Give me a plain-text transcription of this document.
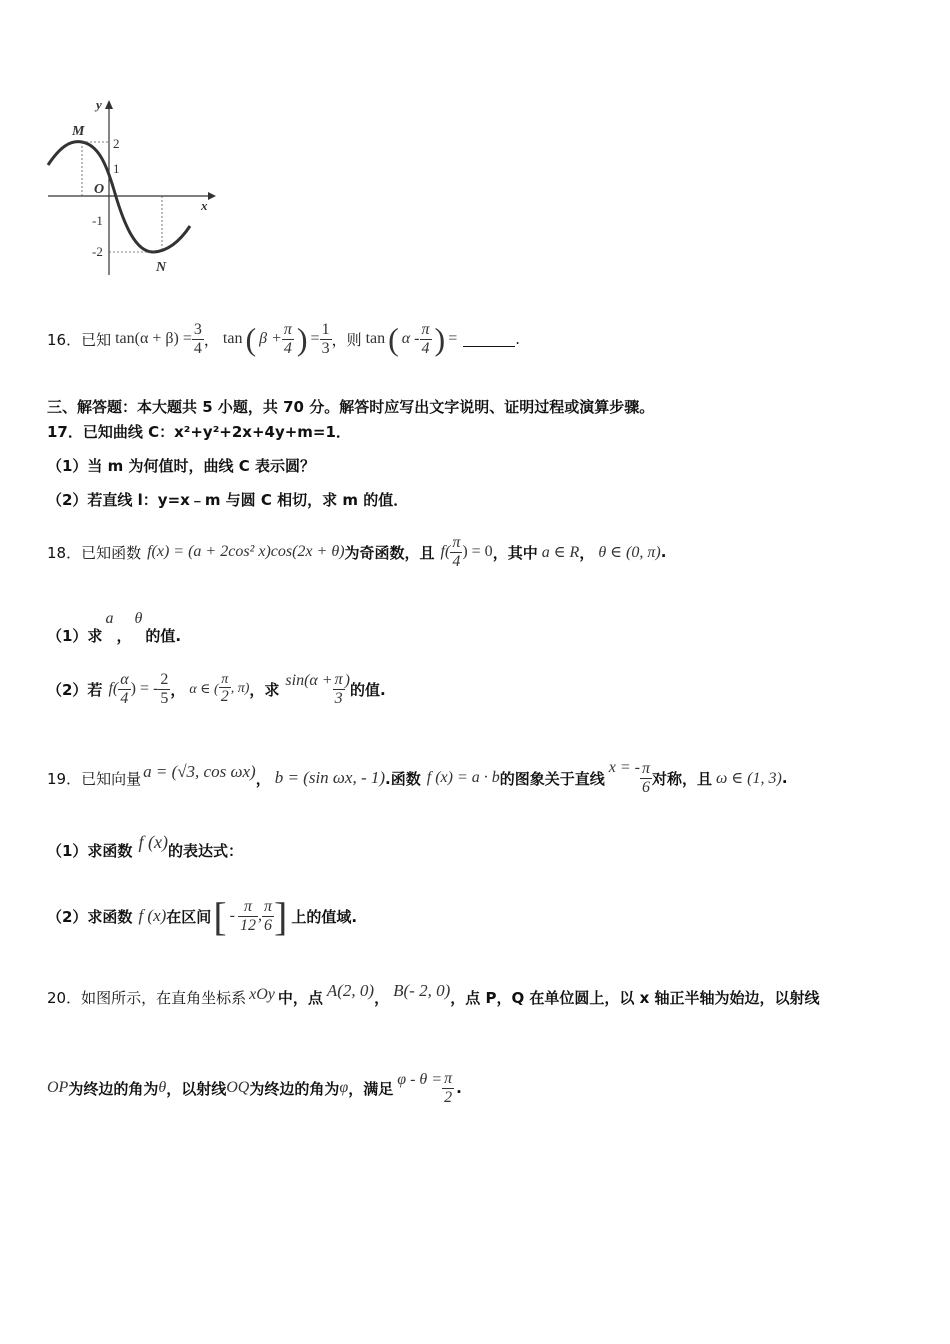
y
x
M
N
O
2
1
-1
-2
16．已知 $\tan(\alpha + \beta) = \frac{3}{4}$ ， tan ( $\beta + \frac{\pi}{4}$ ) = $\frac{1}{3}$ ，则 tan ( α - $\frac{\pi}{4}$ ) =	.
三、解答题：本大题共 5 小题，共 70 分。解答时应写出文字说明、证明过程或演算步骤。
17．已知曲线 C：x²+y²+2x+4y+m=1．
（1）当 m 为何值时，曲线 C 表示圆？
（2）若直线 l：y=x﹣m 与圆 C 相切，求 m 的值．
18．已知函数 f(x) = (a + 2cos² x)cos(2x + θ) 为奇函数，且 $f( \frac{\pi}{4}$ ) = 0 ，其中 a ∈ R ， θ ∈ (0, π) .
（1）求
a
，
θ
的值.
（2）若 $f( \frac{\alpha}{4}$ ) = - $\frac{2}{5}$ ， α ∈ ( $\frac{\pi}{2}$ , π) ，求 $\sin(\alpha + \frac{\pi}{3}$ ) 的值.
19．已知向量 a = (√3, cos ωx) ， b = (sin ωx, - 1) .函数 f (x) = a · b 的图象关于直线
x = - $\frac{\pi}{6}$ 对称，且 ω ∈ (1, 3) .
（1）求函数 f (x) 的表达式：
（2）求函数 f (x) 在区间 [ - $\frac{\pi}{12}$ , $\frac{\pi}{6}$ ] 上的值域.
20．如图所示，在直角坐标系 xOy 中，点 A(2, 0) ， B(- 2, 0) ，点 P，Q 在单位圆上，以 x 轴正半轴为始边，以射线
OP 为终边的角为 θ ，以射线 OQ 为终边的角为 φ ，满足 $\varphi - \theta = \frac{\pi}{2}$ .
